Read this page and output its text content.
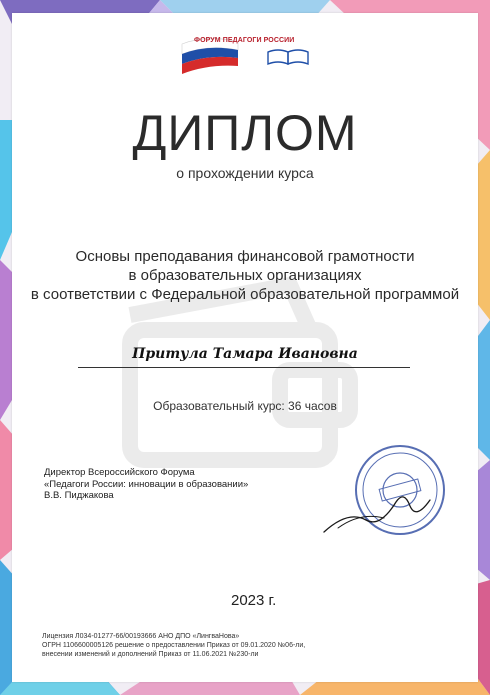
ФОРУМ ПЕДАГОГИ РОССИИ
ДИПЛОМ
о прохождении курса
Основы преподавания финансовой грамотности
в образовательных организациях
в соответствии с Федеральной образовательной программой
Притула Тамара Ивановна
Образовательный курс: 36 часов
Директор Всероссийского Форума
«Педагоги России: инновации в образовании»
В.В. Пиджакова
2023 г.
Лицензия Л034-01277-66/00193666 АНО ДПО «ЛингваНова»
ОГРН 1106600005126 решение о предоставлении Приказ от 09.01.2020 №06-ли,
внесении изменений и дополнений Приказ от 11.06.2021 №230-ли
